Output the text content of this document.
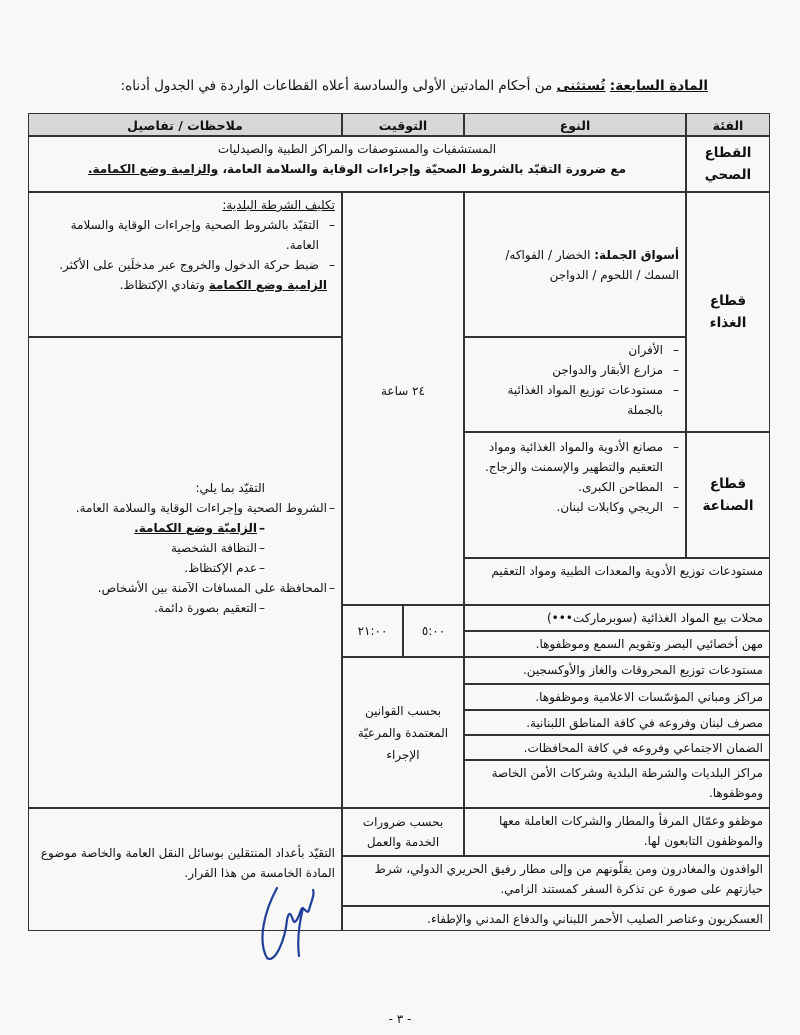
المادة السابعة: تُستثنى من أحكام المادتين الأولى والسادسة أعلاه القطاعات الواردة في الجدول أدناه:
الفئة
النوع
التوقيت
ملاحظات / تفاصيل
القطاع الصحي
المستشفيات والمستوصفات والمراكز الطبية والصيدليات
مع ضرورة التقيّد بالشروط الصحيّة وإجراءات الوقاية والسلامة العامة، والزامية وضع الكمامة.
قطاع الغذاء
أسواق الجملة: الخضار / الفواكه/ السمك / اللحوم / الدواجن
– الأفران
– مزارع الأبقار والدواجن
– مستودعات توزيع المواد الغذائية بالجملة
قطاع الصناعة
– مصانع الأدوية والمواد الغذائية ومواد التعقيم والتطهير والإسمنت والزجاج.
– المطاحن الكبرى.
– الريجي وكابلات لبنان.
مستودعات توزيع الأدوية والمعدات الطبية ومواد التعقيم
محلات بيع المواد الغذائية (سوبرماركت•••)
مهن أخصائيي البصر وتقويم السمع وموظفوها.
مستودعات توزيع المحروقات والغاز والأوكسجين.
مراكز ومباني المؤسّسات الاعلامية وموظفوها.
مصرف لبنان وفروعه في كافة المناطق اللبنانية.
الضمان الاجتماعي وفروعه في كافة المحافظات.
مراكز البلديات والشرطة البلدية وشركات الأمن الخاصة وموظفوها.
موظفو وعمّال المرفأ والمطار والشركات العاملة معها والموظفون التابعون لها.
الوافدون والمغادرون ومن يقلّونهم من وإلى مطار رفيق الحريري الدولي، شرط حيازتهم على صورة عن تذكرة السفر كمستند الزامي.
العسكريون وعناصر الصليب الأحمر اللبناني والدفاع المدني والإطفاء.
٢٤ ساعة
٥:٠٠
٢١:٠٠
بحسب القوانين المعتمدة والمرعيّة الإجراء
بحسب ضرورات الخدمة والعمل
تكليف الشرطة البلدية:
– التقيّد بالشروط الصحية وإجراءات الوقاية والسلامة العامة.
– ضبط حركة الدخول والخروج عبر مدخلَين على الأكثر.
الزامية وضع الكمامة وتفادي الإكتظاظ.
التقيّد بما يلي:
– الشروط الصحية وإجراءات الوقاية والسلامة العامة.
– الزاميّة وضع الكمامة.
– النظافة الشخصية
– عدم الإكتظاظ.
– المحافظة على المسافات الآمنة بين الأشخاص.
– التعقيم بصورة دائمة.
التقيّد بأعداد المنتقلين بوسائل النقل العامة والخاصة موضوع المادة الخامسة من هذا القرار.
- ٣ -
